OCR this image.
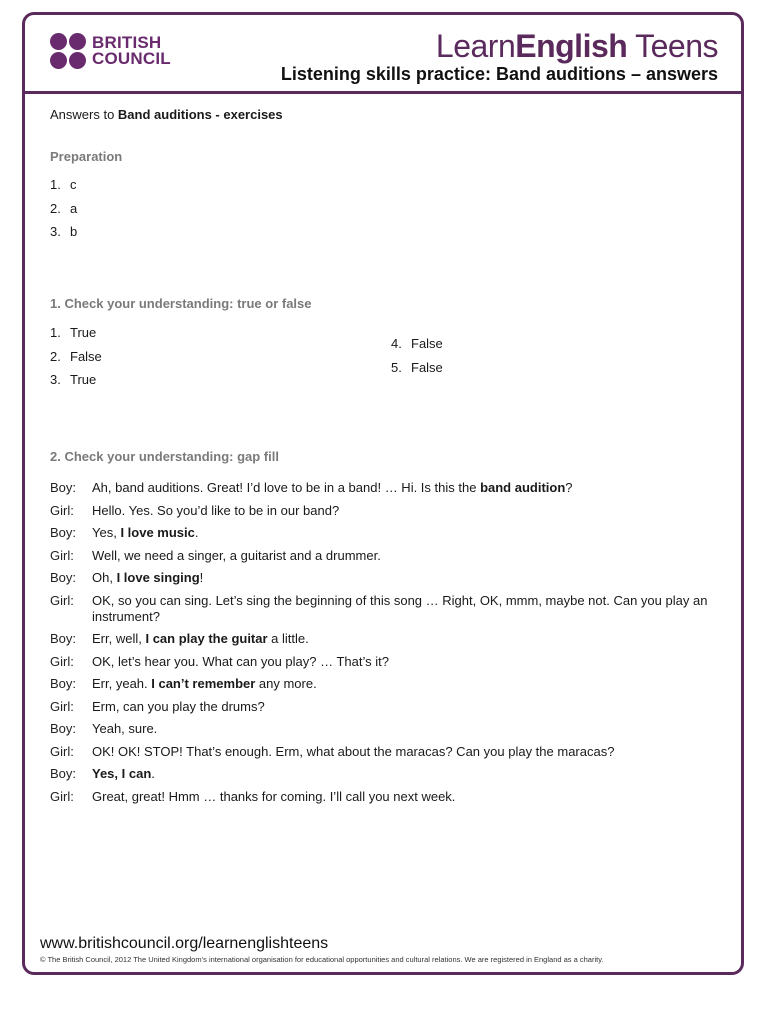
BRITISH
COUNCIL	LearnEnglish Teens
Listening skills practice: Band auditions – answers
Answers to Band auditions - exercises
Preparation
1. c
2. a
3. b
1. Check your understanding: true or false
1. True
2. False
3. True
4. False
5. False
2. Check your understanding: gap fill
Boy:	Ah, band auditions. Great! I’d love to be in a band! … Hi. Is this the band audition?
Girl:	Hello. Yes. So you’d like to be in our band?
Boy:	Yes, I love music.
Girl:	Well, we need a singer, a guitarist and a drummer.
Boy:	Oh, I love singing!
Girl:	OK, so you can sing. Let’s sing the beginning of this song … Right, OK, mmm, maybe not. Can you play an instrument?
Boy:	Err, well, I can play the guitar a little.
Girl:	OK, let’s hear you. What can you play? … That’s it?
Boy:	Err, yeah. I can’t remember any more.
Girl:	Erm, can you play the drums?
Boy:	Yeah, sure.
Girl:	OK! OK! STOP! That’s enough. Erm, what about the maracas? Can you play the maracas?
Boy:	Yes, I can.
Girl:	Great, great! Hmm … thanks for coming. I’ll call you next week.
www.britishcouncil.org/learnenglishteens
© The British Council, 2012 The United Kingdom’s international organisation for educational opportunities and cultural relations. We are registered in England as a charity.
